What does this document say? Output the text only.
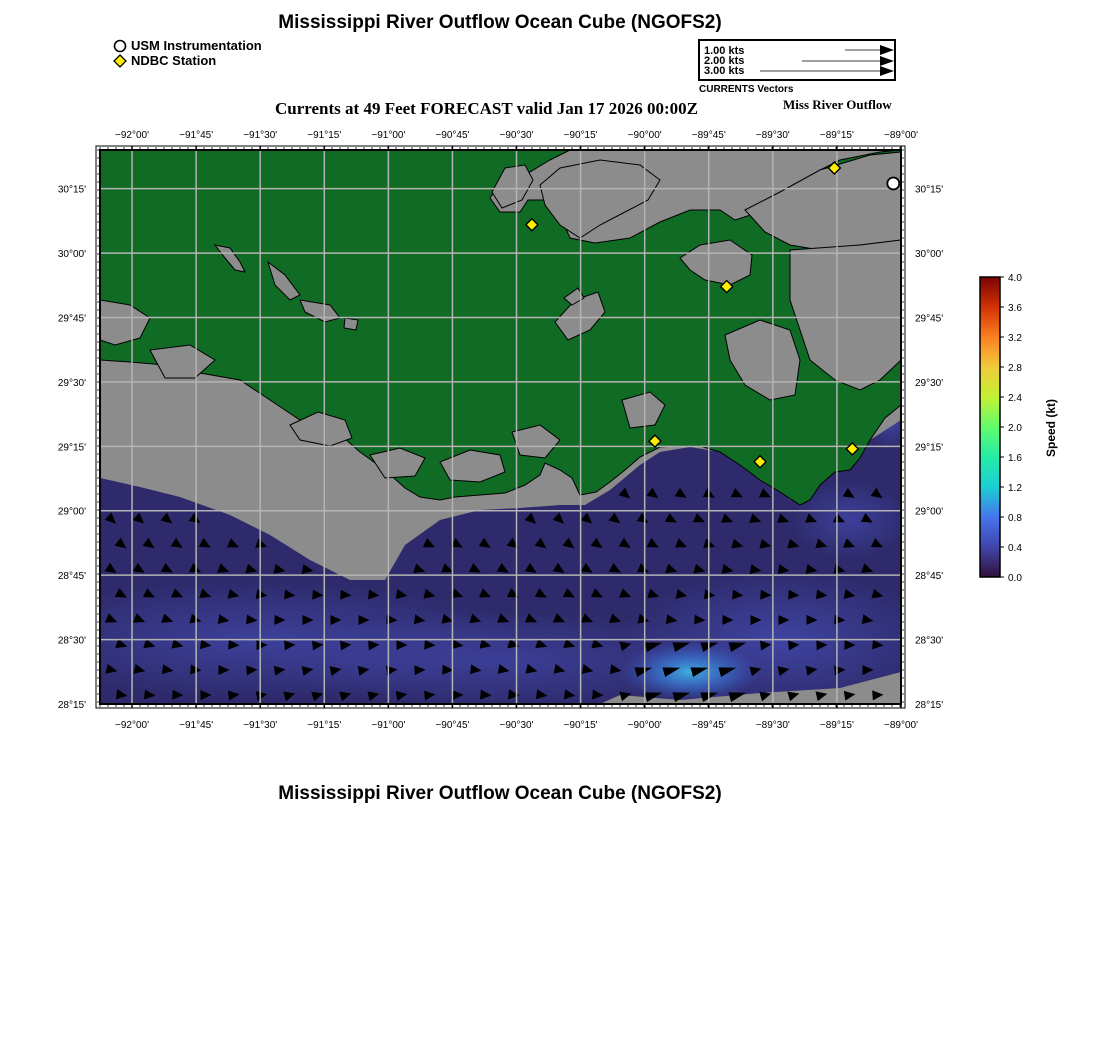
Mississippi River Outflow Ocean Cube (NGOFS2)
USM Instrumentation
NDBC Station
1.00 kts
2.00 kts
3.00 kts
CURRENTS Vectors
Currents at 49 Feet FORECAST valid Jan 17 2026 00:00Z	Miss River Outflow
−92°00'
−92°00'
−91°45'
−91°45'
−91°30'
−91°30'
−91°15'
−91°15'
−91°00'
−91°00'
−90°45'
−90°45'
−90°30'
−90°30'
−90°15'
−90°15'
−90°00'
−90°00'
−89°45'
−89°45'
−89°30'
−89°30'
−89°15'
−89°15'
−89°00'
−89°00'
30°15'	30°15'
30°00'	30°00'
29°45'	29°45'
29°30'	29°30'
29°15'	29°15'
29°00'	29°00'
28°45'	28°45'
28°30'	28°30'
28°15'	28°15'
4.0
3.6
3.2
2.8
2.4
2.0
1.6
1.2
0.8
0.4
0.0
Speed (kt)
Mississippi River Outflow Ocean Cube (NGOFS2)
